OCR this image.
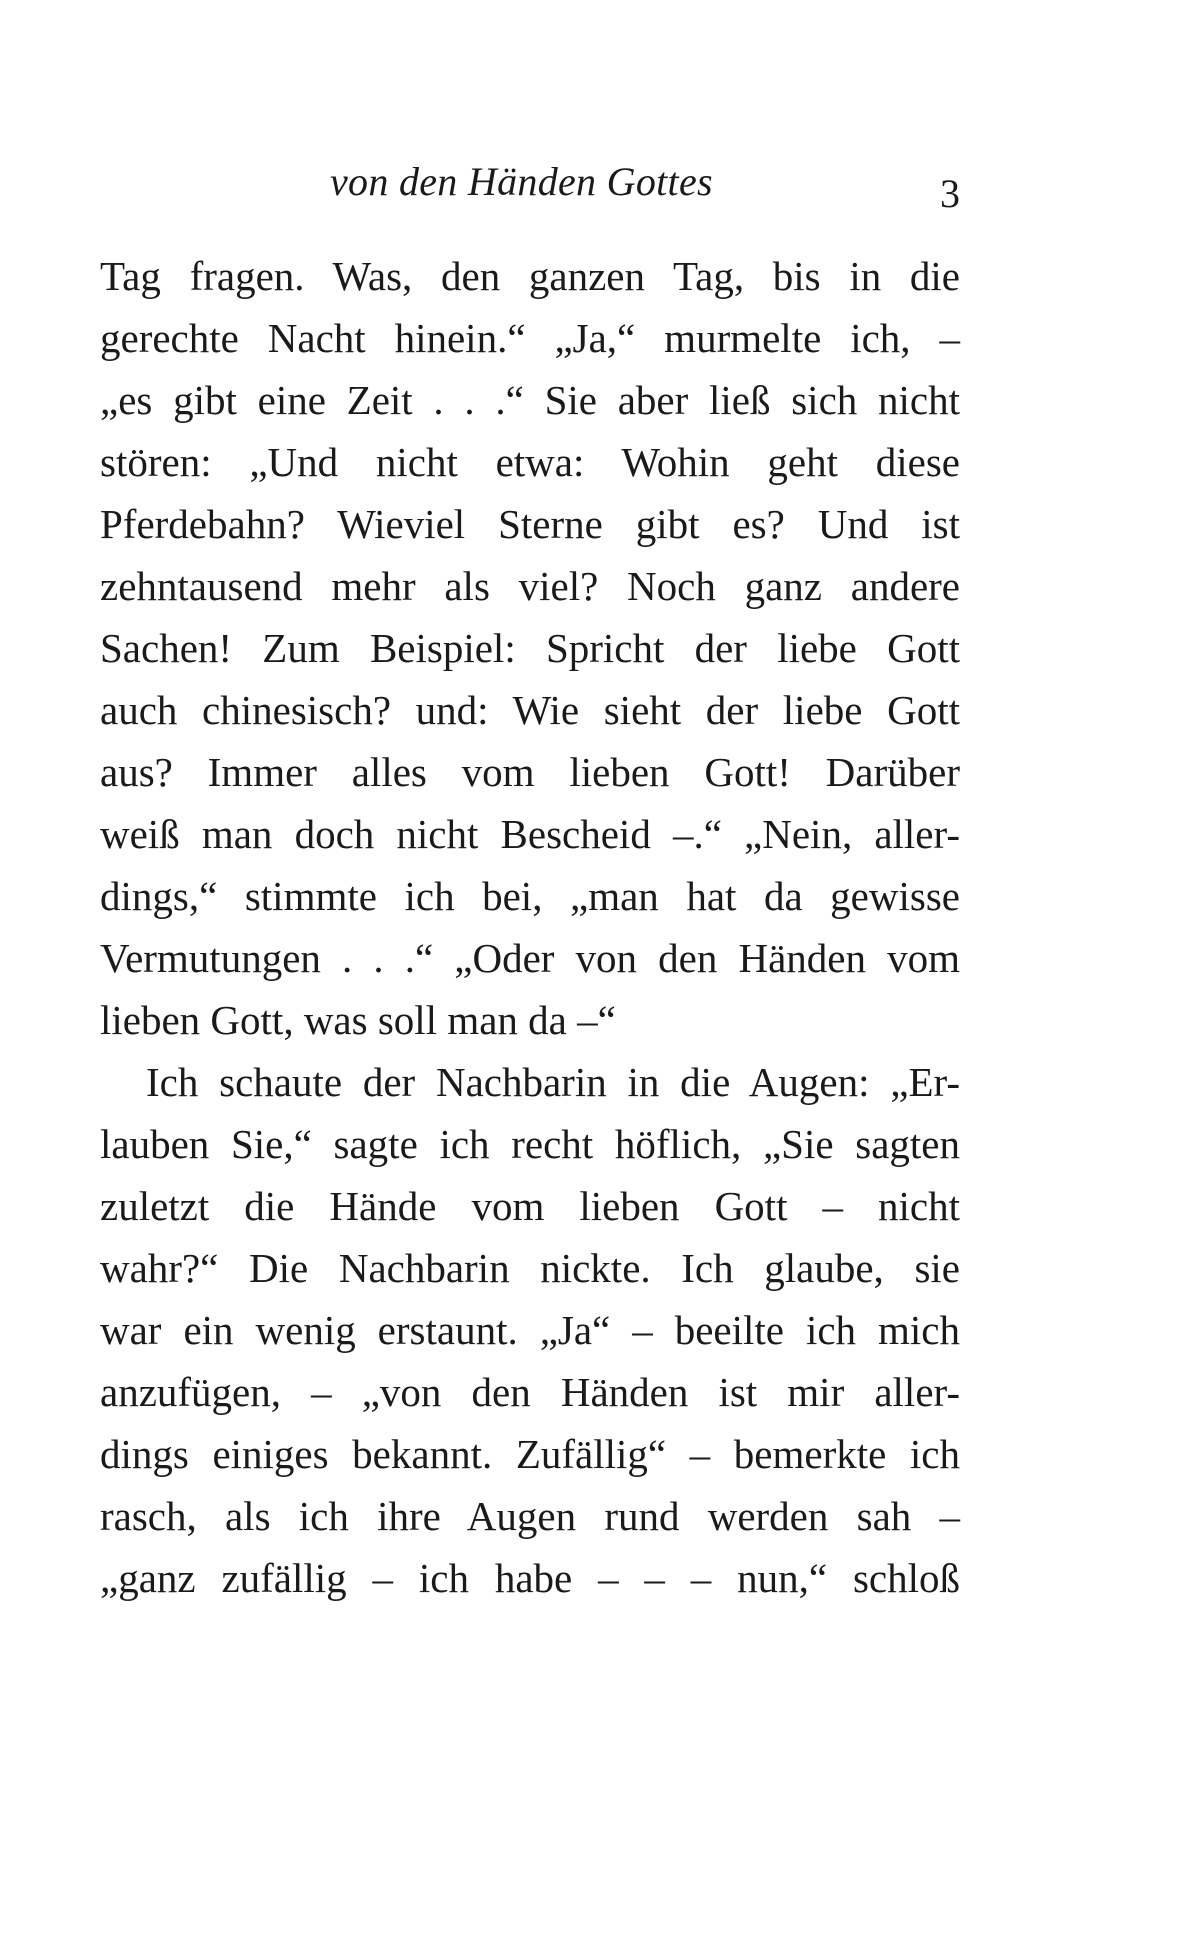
von den Händen Gottes	3
Tag fragen. Was, den ganzen Tag, bis in die
gerechte Nacht hinein.“ „Ja,“ murmelte ich, –
„es gibt eine Zeit . . .“ Sie aber ließ sich nicht
stören: „Und nicht etwa: Wohin geht diese
Pferdebahn? Wieviel Sterne gibt es? Und ist
zehntausend mehr als viel? Noch ganz andere
Sachen! Zum Beispiel: Spricht der liebe Gott
auch chinesisch? und: Wie sieht der liebe Gott
aus? Immer alles vom lieben Gott! Darüber
weiß man doch nicht Bescheid –.“ „Nein, aller-
dings,“ stimmte ich bei, „man hat da gewisse
Vermutungen . . .“ „Oder von den Händen vom
lieben Gott, was soll man da –“
Ich schaute der Nachbarin in die Augen: „Er-
lauben Sie,“ sagte ich recht höflich, „Sie sagten
zuletzt die Hände vom lieben Gott – nicht
wahr?“ Die Nachbarin nickte. Ich glaube, sie
war ein wenig erstaunt. „Ja“ – beeilte ich mich
anzufügen, – „von den Händen ist mir aller-
dings einiges bekannt. Zufällig“ – bemerkte ich
rasch, als ich ihre Augen rund werden sah –
„ganz zufällig – ich habe – – – nun,“ schloß
